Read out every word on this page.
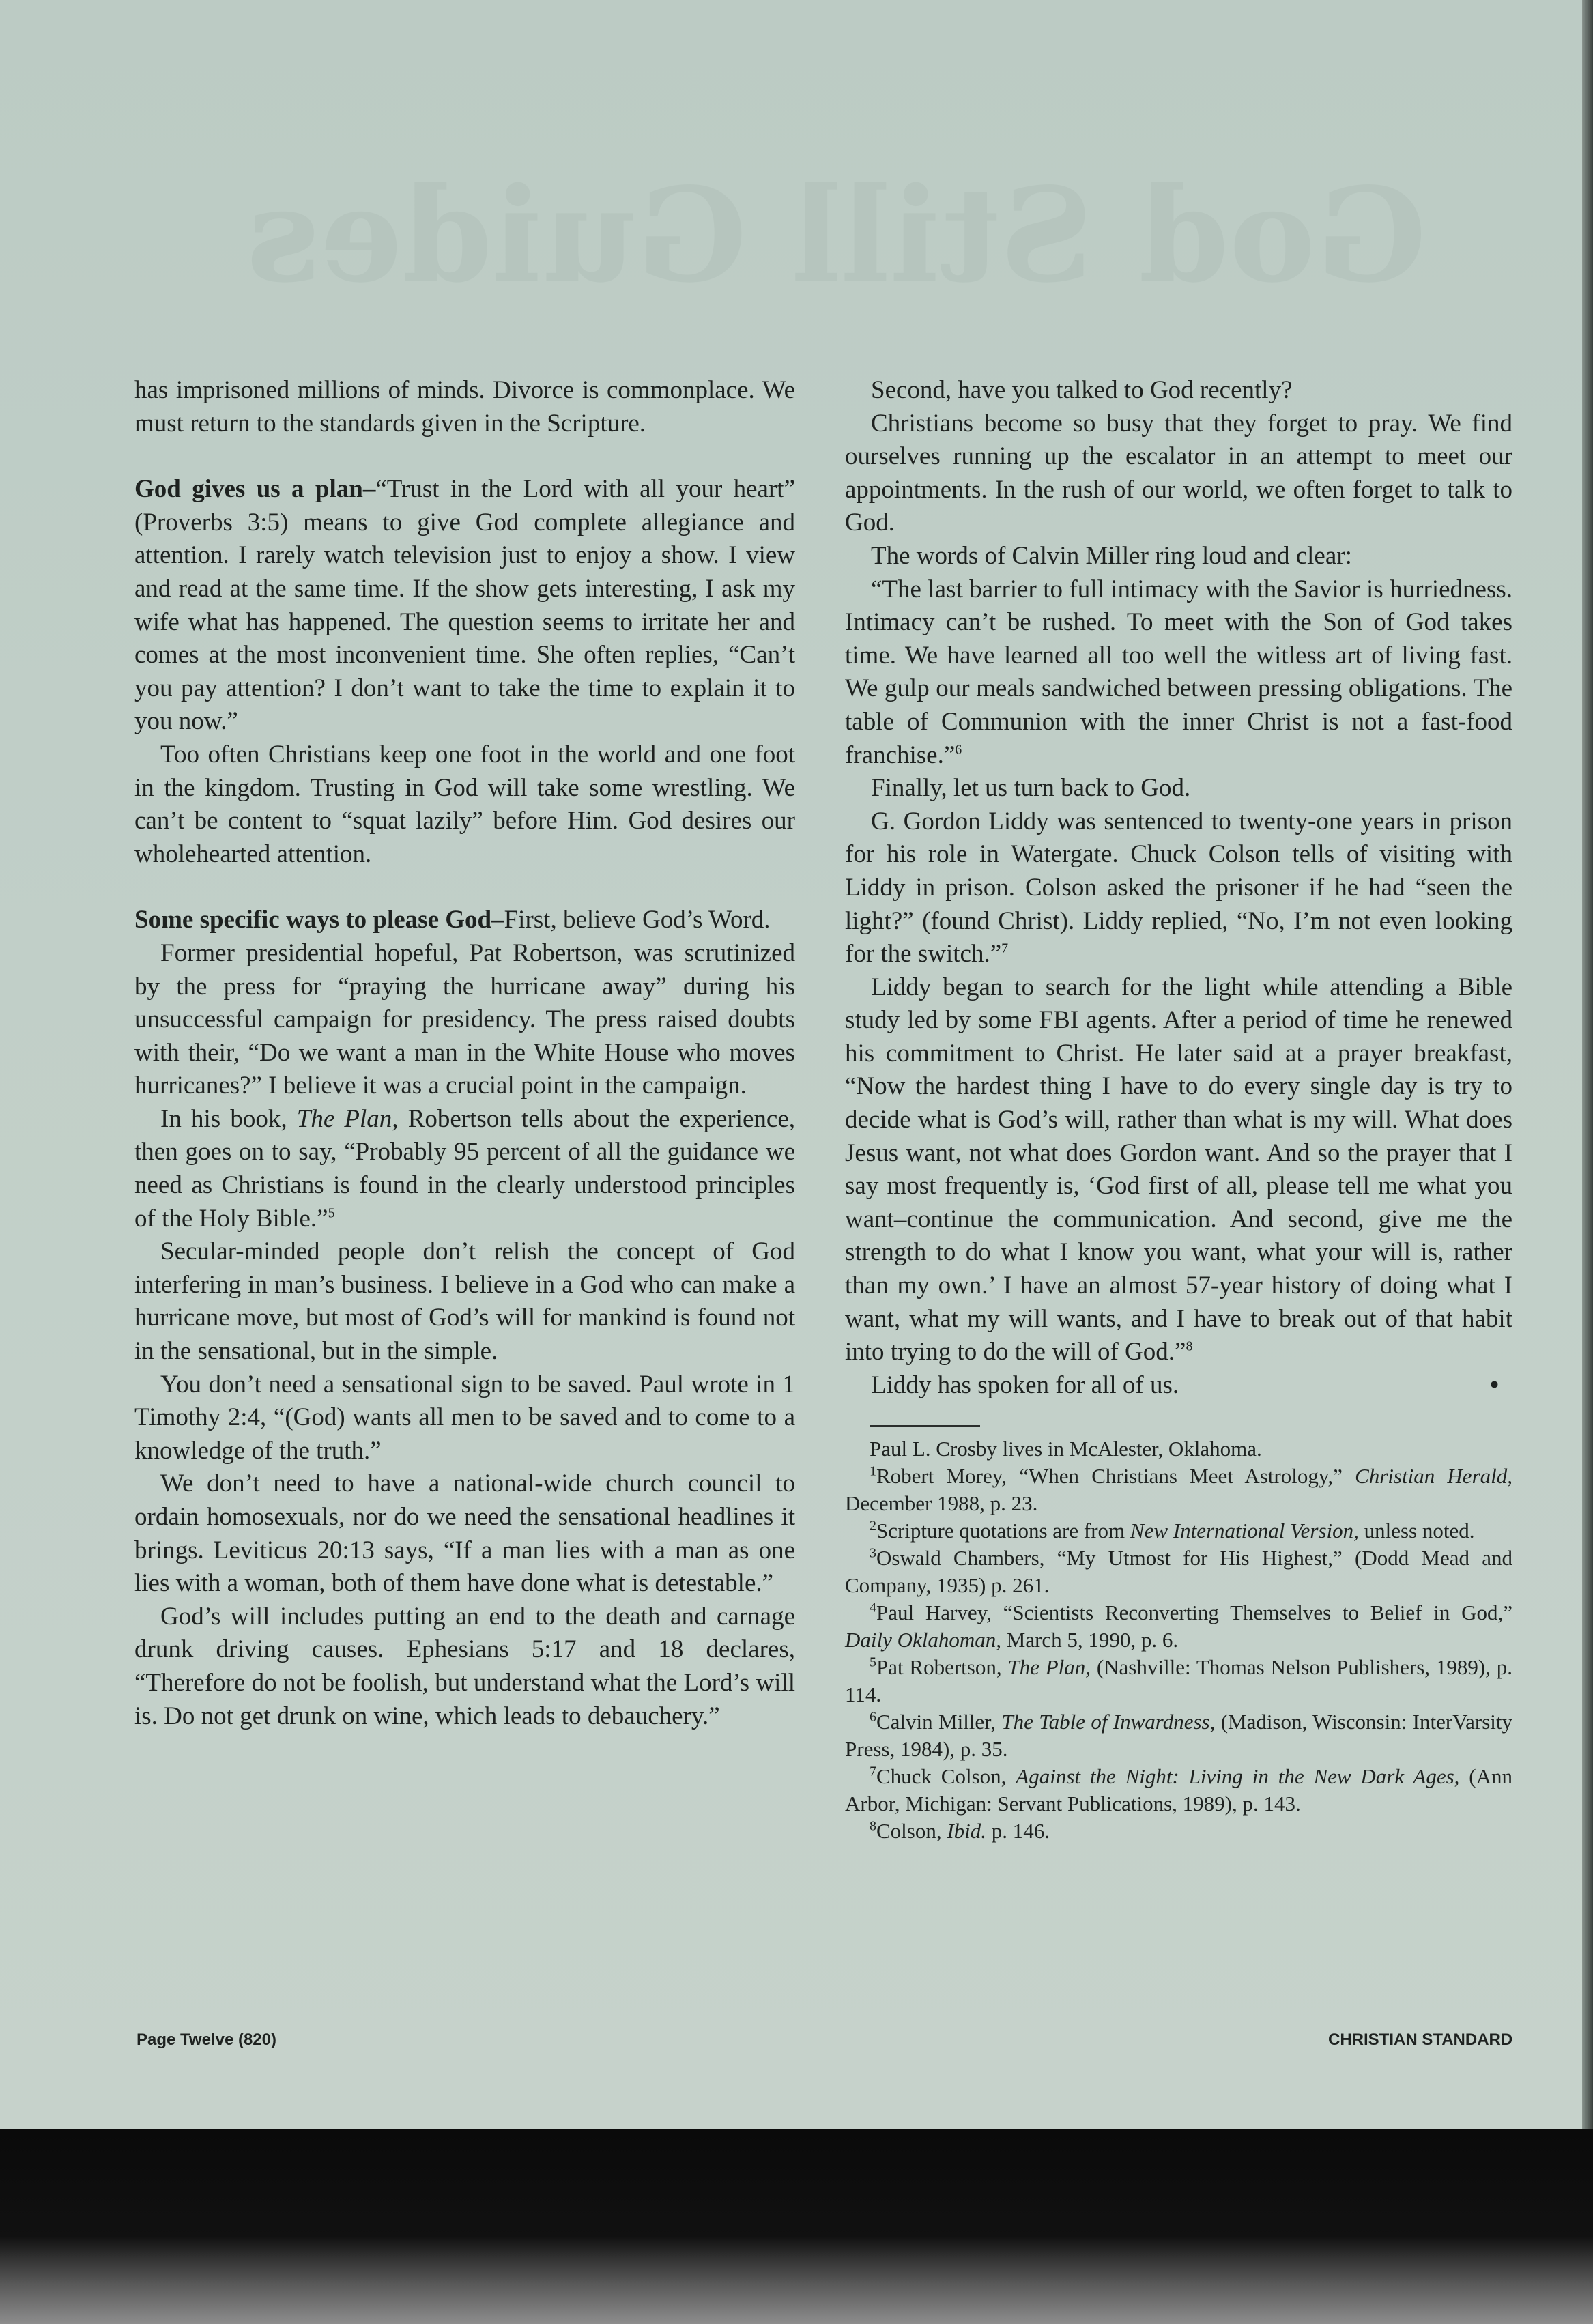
God Still Guides

has imprisoned millions of minds. Divorce is commonplace. We must return to the standards given in the Scripture.

God gives us a plan–“Trust in the Lord with all your heart” (Proverbs 3:5) means to give God complete allegiance and attention. I rarely watch television just to enjoy a show. I view and read at the same time. If the show gets interesting, I ask my wife what has happened. The question seems to irritate her and comes at the most inconvenient time. She often replies, “Can’t you pay attention? I don’t want to take the time to explain it to you now.”

Too often Christians keep one foot in the world and one foot in the kingdom. Trusting in God will take some wrestling. We can’t be content to “squat lazily” before Him. God desires our wholehearted attention.

Some specific ways to please God–First, believe God’s Word.

Former presidential hopeful, Pat Robertson, was scrutinized by the press for “praying the hurricane away” during his unsuccessful campaign for presidency. The press raised doubts with their, “Do we want a man in the White House who moves hurricanes?” I believe it was a crucial point in the campaign.

In his book, The Plan, Robertson tells about the experience, then goes on to say, “Probably 95 percent of all the guidance we need as Christians is found in the clearly understood principles of the Holy Bible.”$^5$

Secular-minded people don’t relish the concept of God interfering in man’s business. I believe in a God who can make a hurricane move, but most of God’s will for mankind is found not in the sensational, but in the simple.

You don’t need a sensational sign to be saved. Paul wrote in 1 Timothy 2:4, “(God) wants all men to be saved and to come to a knowledge of the truth.”

We don’t need to have a national-wide church council to ordain homosexuals, nor do we need the sensational headlines it brings. Leviticus 20:13 says, “If a man lies with a man as one lies with a woman, both of them have done what is detestable.”

God’s will includes putting an end to the death and carnage drunk driving causes. Ephesians 5:17 and 18 declares, “Therefore do not be foolish, but understand what the Lord’s will is. Do not get drunk on wine, which leads to debauchery.”

Second, have you talked to God recently?

Christians become so busy that they forget to pray. We find ourselves running up the escalator in an attempt to meet our appointments. In the rush of our world, we often forget to talk to God.

The words of Calvin Miller ring loud and clear:

“The last barrier to full intimacy with the Savior is hurriedness. Intimacy can’t be rushed. To meet with the Son of God takes time. We have learned all too well the witless art of living fast. We gulp our meals sandwiched between pressing obligations. The table of Communion with the inner Christ is not a fast-food franchise.”$^6$

Finally, let us turn back to God.

G. Gordon Liddy was sentenced to twenty-one years in prison for his role in Watergate. Chuck Colson tells of visiting with Liddy in prison. Colson asked the prisoner if he had “seen the light?” (found Christ). Liddy replied, “No, I’m not even looking for the switch.”$^7$

Liddy began to search for the light while attending a Bible study led by some FBI agents. After a period of time he renewed his commitment to Christ. He later said at a prayer breakfast, “Now the hardest thing I have to do every single day is try to decide what is God’s will, rather than what is my will. What does Jesus want, not what does Gordon want. And so the prayer that I say most frequently is, ‘God first of all, please tell me what you want–continue the communication. And second, give me the strength to do what I know you want, what your will is, rather than my own.’ I have an almost 57-year history of doing what I want, what my will wants, and I have to break out of that habit into trying to do the will of God.”$^8$

Liddy has spoken for all of us.	•

Paul L. Crosby lives in McAlester, Oklahoma.

$^1$Robert Morey, “When Christians Meet Astrology,” Christian Herald, December 1988, p. 23.

$^2$Scripture quotations are from New International Version, unless noted.

$^3$Oswald Chambers, “My Utmost for His Highest,” (Dodd Mead and Company, 1935) p. 261.

$^4$Paul Harvey, “Scientists Reconverting Themselves to Belief in God,” Daily Oklahoman, March 5, 1990, p. 6.

$^5$Pat Robertson, The Plan, (Nashville: Thomas Nelson Publishers, 1989), p. 114.

$^6$Calvin Miller, The Table of Inwardness, (Madison, Wisconsin: InterVarsity Press, 1984), p. 35.

$^7$Chuck Colson, Against the Night: Living in the New Dark Ages, (Ann Arbor, Michigan: Servant Publications, 1989), p. 143.

$^8$Colson, Ibid. p. 146.

Page Twelve (820)	CHRISTIAN STANDARD
